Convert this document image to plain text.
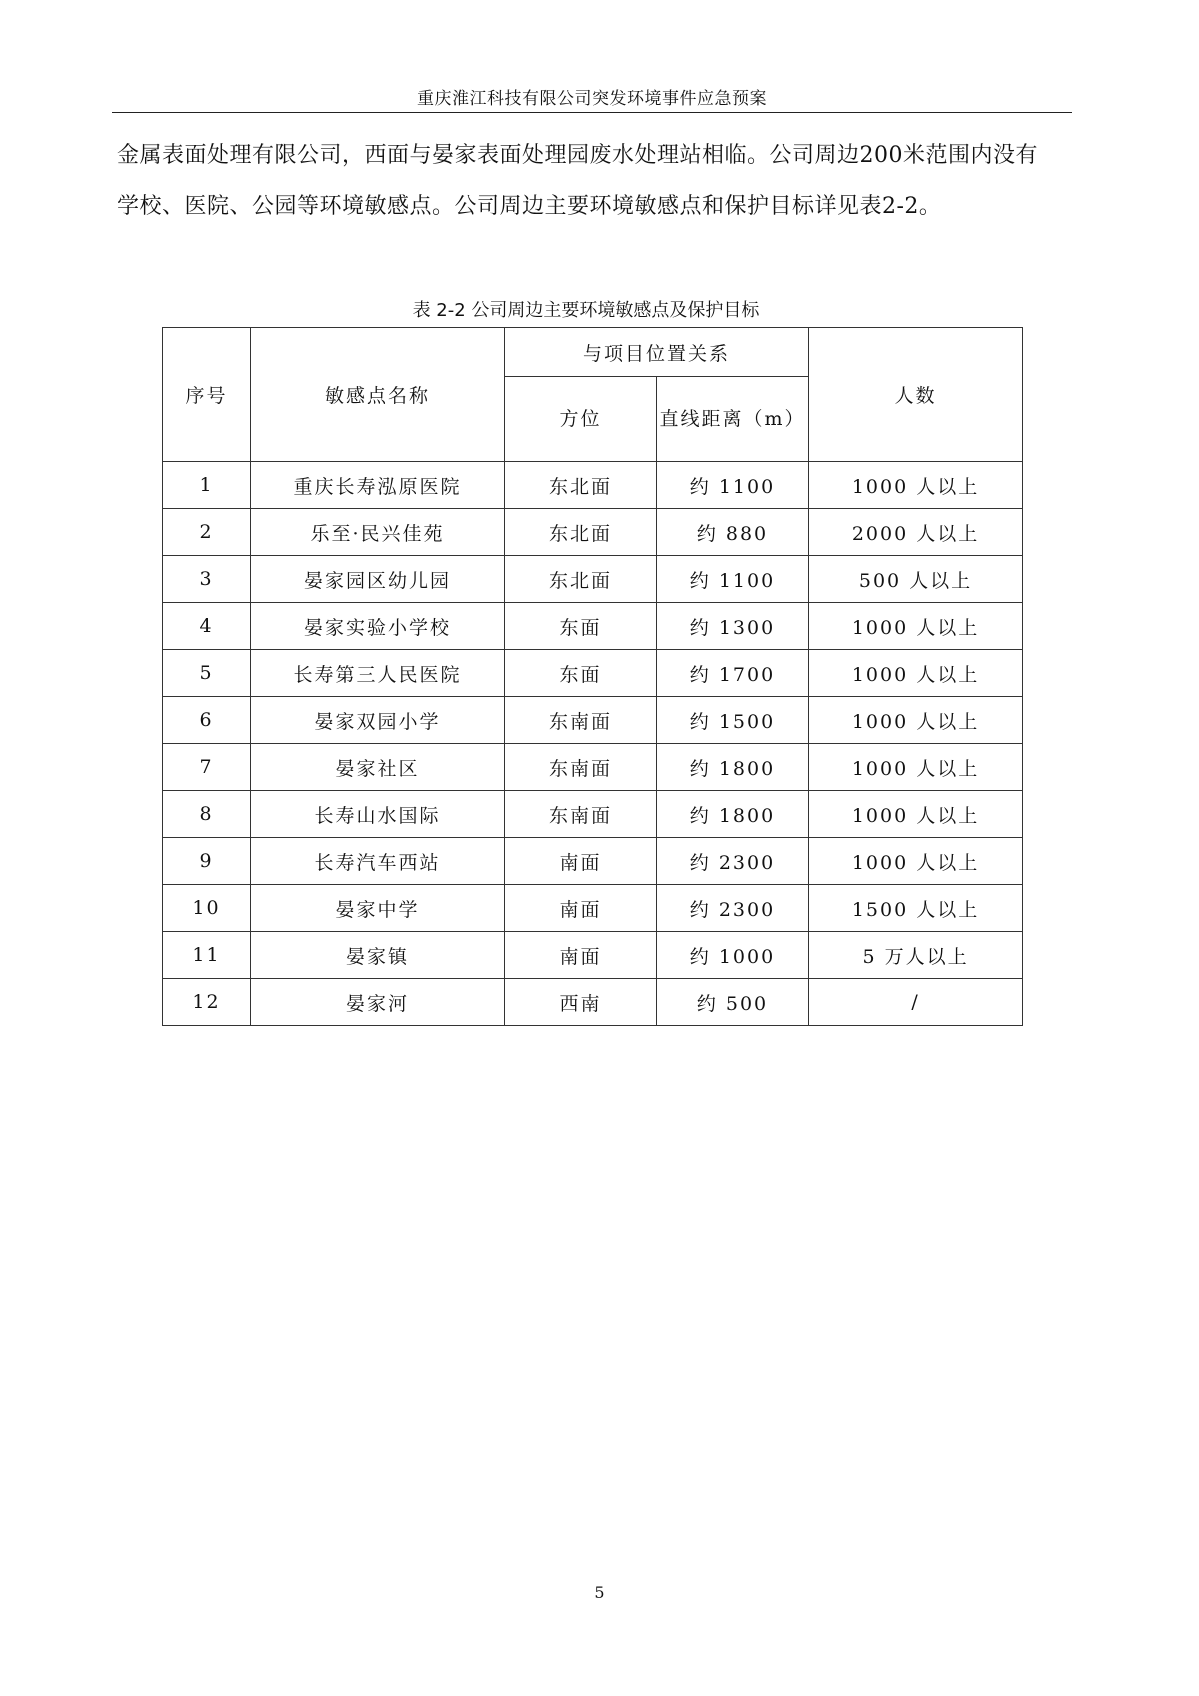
重庆淮江科技有限公司突发环境事件应急预案
金属表面处理有限公司，西面与晏家表面处理园废水处理站相临。公司周边200米范围内没有学校、医院、公园等环境敏感点。公司周边主要环境敏感点和保护目标详见表2-2。
表 2-2 公司周边主要环境敏感点及保护目标
序号	敏感点名称	与项目位置关系		人数
		方位	直线距离（m）	
1	重庆长寿泓原医院	东北面	约 1100	1000 人以上
2	乐至·民兴佳苑	东北面	约 880	2000 人以上
3	晏家园区幼儿园	东北面	约 1100	500 人以上
4	晏家实验小学校	东面	约 1300	1000 人以上
5	长寿第三人民医院	东面	约 1700	1000 人以上
6	晏家双园小学	东南面	约 1500	1000 人以上
7	晏家社区	东南面	约 1800	1000 人以上
8	长寿山水国际	东南面	约 1800	1000 人以上
9	长寿汽车西站	南面	约 2300	1000 人以上
10	晏家中学	南面	约 2300	1500 人以上
11	晏家镇	南面	约 1000	5 万人以上
12	晏家河	西南	约 500	/
5
